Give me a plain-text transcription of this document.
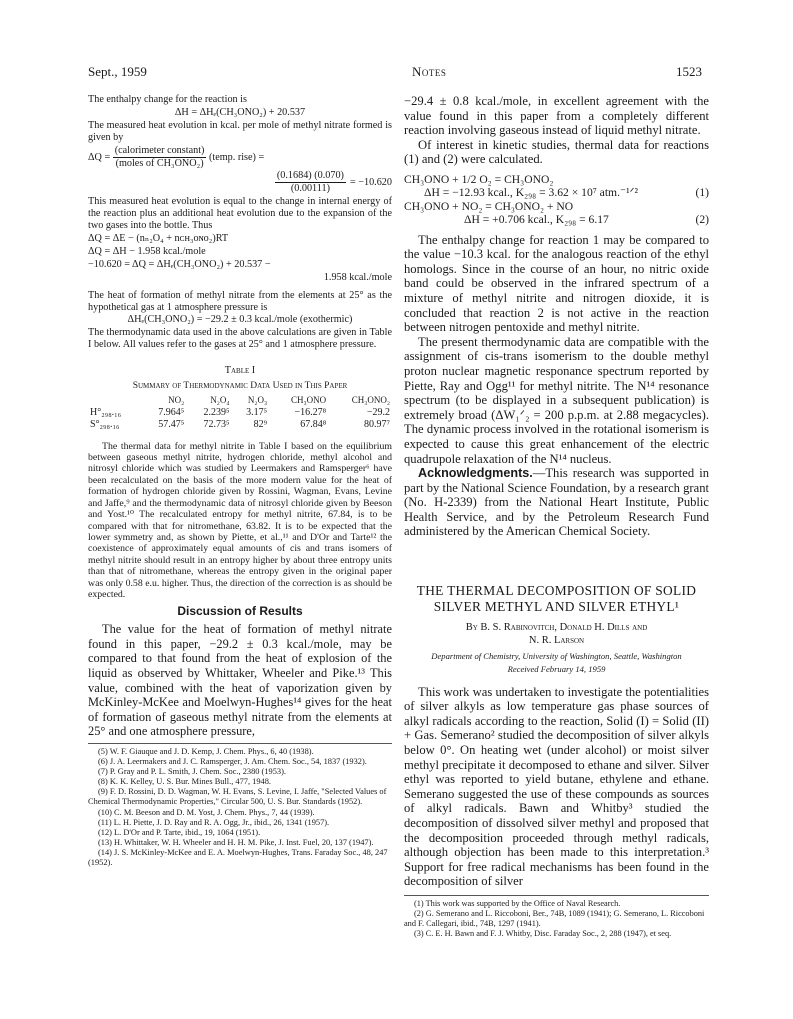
Sept., 1959	Notes	1523

The enthalpy change for the reaction is

ΔH = ΔHₑ(CH₃ONO₂) + 20.537

The measured heat evolution in kcal. per mole of methyl nitrate formed is given by

$\Delta Q = \frac{\text{(calorimeter constant)}}{\text{(moles of CH₃ONO₂)}}$ (temp. rise) =
$\frac{(0.1684) (0.070)}{(0.00111)} = -10.620$

This measured heat evolution is equal to the change in internal energy of the reaction plus an additional heat evolution due to the expansion of the two gases into the bottle. Thus

ΔQ = ΔE − (nₙ₂O₄ + nᴄʜ₃ᴏɴᴏ₂)RT
ΔQ = ΔH − 1.958 kcal./mole
−10.620 = ΔQ = ΔHₑ(CH₃ONO₂) + 20.537 −
1.958 kcal./mole

The heat of formation of methyl nitrate from the elements at 25° as the hypothetical gas at 1 atmosphere pressure is

ΔHₑ(CH₃ONO₂) = −29.2 ± 0.3 kcal./mole (exothermic)

The thermodynamic data used in the above calculations are given in Table I below. All values refer to the gases at 25° and 1 atmosphere pressure.

Table I
Summary of Thermodynamic Data Used in This Paper
	NO₂	N₂O₄	N₂O₃	CH₃ONO	CH₃ONO₂
H°₂₉₈.₁₆	7.964⁵	2.239⁵	3.17⁵	−16.27⁸	−29.2
S°₂₉₈.₁₆	57.47⁵	72.73⁵	82⁹	67.84⁸	80.97⁷

The thermal data for methyl nitrite in Table I based on the equilibrium between gaseous methyl nitrite, hydrogen chloride, methyl alcohol and nitrosyl chloride which was studied by Leermakers and Ramsperger⁶ have been recalculated on the basis of the more modern value for the heat of formation of hydrogen chloride given by Rossini, Wagman, Evans, Levine and Jaffe,⁹ and the thermodynamic data of nitrosyl chloride given by Beeson and Yost.¹⁰ The recalculated entropy for methyl nitrite, 67.84, is to be compared with that for nitromethane, 63.82. It is to be expected that the lower symmetry and, as shown by Piette, et al.,¹¹ and D'Or and Tarte¹² the coexistence of approximately equal amounts of cis and trans isomers of methyl nitrite should result in an entropy higher by about three entropy units than that of nitromethane, whereas the entropy given in the original paper was only 0.58 e.u. higher. Thus, the direction of the correction is as should be expected.

Discussion of Results

The value for the heat of formation of methyl nitrate found in this paper, −29.2 ± 0.3 kcal./mole, may be compared to that found from the heat of explosion of the liquid as observed by Whittaker, Wheeler and Pike.¹³ This value, combined with the heat of vaporization given by McKinley-McKee and Moelwyn-Hughes¹⁴ gives for the heat of formation of gaseous methyl nitrate from the elements at 25° and one atmosphere pressure,

(5) W. F. Giauque and J. D. Kemp, J. Chem. Phys., 6, 40 (1938).

(6) J. A. Leermakers and J. C. Ramsperger, J. Am. Chem. Soc., 54, 1837 (1932).

(7) P. Gray and P. L. Smith, J. Chem. Soc., 2380 (1953).

(8) K. K. Kelley, U. S. Bur. Mines Bull., 477, 1948.

(9) F. D. Rossini, D. D. Wagman, W. H. Evans, S. Levine, I. Jaffe, "Selected Values of Chemical Thermodynamic Properties," Circular 500, U. S. Bur. Standards (1952).

(10) C. M. Beeson and D. M. Yost, J. Chem. Phys., 7, 44 (1939).

(11) L. H. Piette, J. D. Ray and R. A. Ogg, Jr., ibid., 26, 1341 (1957).

(12) L. D'Or and P. Tarte, ibid., 19, 1064 (1951).

(13) H. Whittaker, W. H. Wheeler and H. H. M. Pike, J. Inst. Fuel, 20, 137 (1947).

(14) J. S. McKinley-McKee and E. A. Moelwyn-Hughes, Trans. Faraday Soc., 48, 247 (1952).

−29.4 ± 0.8 kcal./mole, in excellent agreement with the value found in this paper from a completely different reaction involving gaseous instead of liquid methyl nitrate.

Of interest in kinetic studies, thermal data for reactions (1) and (2) were calculated.

CH₃ONO + 1/2 O₂ = CH₃ONO₂
ΔH = −12.93 kcal., K₂₉₈ = 3.62 × 10⁷ atm.⁻¹ᐟ²	(1)
CH₃ONO + NO₂ = CH₃ONO₂ + NO
ΔH = +0.706 kcal., K₂₉₈ = 6.17	(2)

The enthalpy change for reaction 1 may be compared to the value −10.3 kcal. for the analogous reaction of the ethyl homologs. Since in the course of an hour, no nitric oxide band could be observed in the infrared spectrum of a mixture of methyl nitrite and nitrogen dioxide, it is concluded that reaction 2 is not active in the reaction between nitrogen pentoxide and methyl nitrite.

The present thermodynamic data are compatible with the assignment of cis-trans isomerism to the double methyl proton nuclear magnetic responance spectrum reported by Piette, Ray and Ogg¹¹ for methyl nitrite. The N¹⁴ resonance spectrum (to be displayed in a subsequent publication) is extremely broad (ΔW₁ᐟ₂ = 200 p.p.m. at 2.88 megacycles). The dynamic process involved in the rotational isomerism is expected to cause this great enhancement of the electric quadrupole relaxation of the N¹⁴ nucleus.

Acknowledgments.—This research was supported in part by the National Science Foundation, by a research grant (No. H-2339) from the National Heart Institute, Public Health Service, and by the Petroleum Research Fund administered by the American Chemical Society.

THE THERMAL DECOMPOSITION OF SOLID SILVER METHYL AND SILVER ETHYL¹
By B. S. Rabinovitch, Donald H. Dills and
N. R. Larson
Department of Chemistry, University of Washington, Seattle, Washington
Received February 14, 1959

This work was undertaken to investigate the potentialities of silver alkyls as low temperature gas phase sources of alkyl radicals according to the reaction, Solid (I) = Solid (II) + Gas. Semerano² studied the decomposition of silver alkyls below 0°. On heating wet (under alcohol) or moist silver methyl precipitate it decomposed to ethane and silver. Silver ethyl was reported to yield butane, ethylene and ethane. Semerano suggested the use of these compounds as sources of alkyl radicals. Bawn and Whitby³ studied the decomposition of dissolved silver methyl and proposed that the decomposition proceeded through methyl radicals, although objection has been made to this interpretation.³ Support for free radical mechanisms has been found in the decomposition of silver

(1) This work was supported by the Office of Naval Research.

(2) G. Semerano and L. Riccoboni, Ber., 74B, 1089 (1941); G. Semerano, L. Riccoboni and F. Callegari, ibid., 74B, 1297 (1941).

(3) C. E. H. Bawn and F. J. Whitby, Disc. Faraday Soc., 2, 288 (1947), et seq.
